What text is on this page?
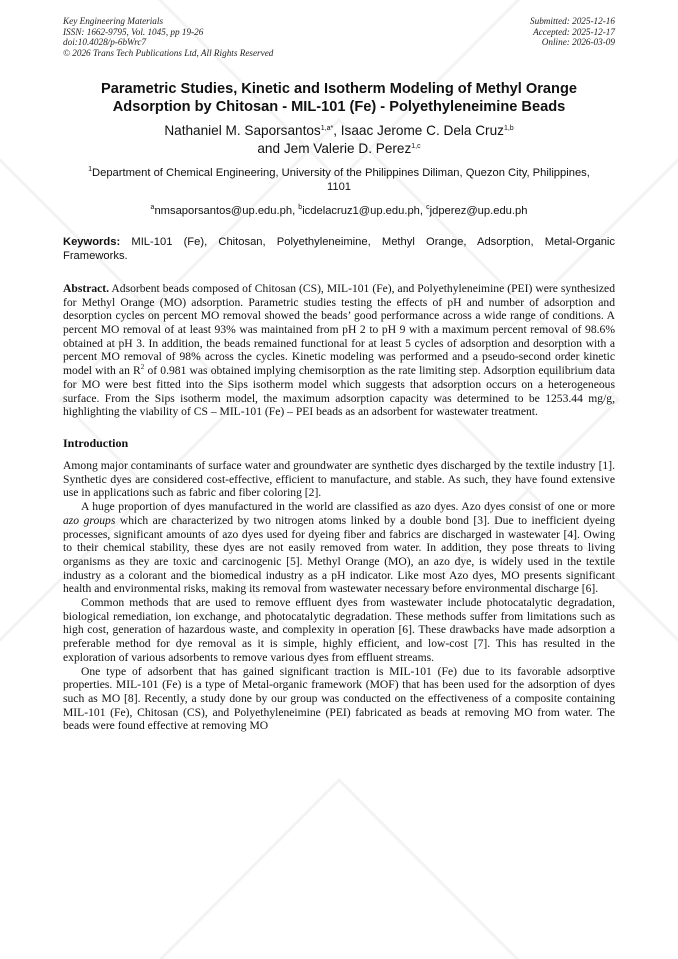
Key Engineering Materials
ISSN: 1662-9795, Vol. 1045, pp 19-26
doi:10.4028/p-6bWrc7
© 2026 Trans Tech Publications Ltd, All Rights Reserved
Submitted: 2025-12-16
Accepted: 2025-12-17
Online: 2026-03-09
Parametric Studies, Kinetic and Isotherm Modeling of Methyl Orange Adsorption by Chitosan - MIL-101 (Fe) - Polyethyleneimine Beads
Nathaniel M. Saporsantos$^{1,a*}$, Isaac Jerome C. Dela Cruz$^{1,b}$
and Jem Valerie D. Perez$^{1,c}$
$^1$Department of Chemical Engineering, University of the Philippines Diliman, Quezon City, Philippines, 1101
$^a$nmsaporsantos@up.edu.ph, $^b$icdelacruz1@up.edu.ph, $^c$jdperez@up.edu.ph
Keywords: MIL-101 (Fe), Chitosan, Polyethyleneimine, Methyl Orange, Adsorption, Metal-Organic Frameworks.
Abstract. Adsorbent beads composed of Chitosan (CS), MIL-101 (Fe), and Polyethyleneimine (PEI) were synthesized for Methyl Orange (MO) adsorption. Parametric studies testing the effects of pH and number of adsorption and desorption cycles on percent MO removal showed the beads’ good performance across a wide range of conditions. A percent MO removal of at least 93% was maintained from pH 2 to pH 9 with a maximum percent removal of 98.6% obtained at pH 3. In addition, the beads remained functional for at least 5 cycles of adsorption and desorption with a percent MO removal of 98% across the cycles. Kinetic modeling was performed and a pseudo-second order kinetic model with an $R^2$ of 0.981 was obtained implying chemisorption as the rate limiting step. Adsorption equilibrium data for MO were best fitted into the Sips isotherm model which suggests that adsorption occurs on a heterogeneous surface. From the Sips isotherm model, the maximum adsorption capacity was determined to be 1253.44 mg/g, highlighting the viability of CS – MIL-101 (Fe) – PEI beads as an adsorbent for wastewater treatment.
Introduction

Among major contaminants of surface water and groundwater are synthetic dyes discharged by the textile industry [1]. Synthetic dyes are considered cost-effective, efficient to manufacture, and stable. As such, they have found extensive use in applications such as fabric and fiber coloring [2].

A huge proportion of dyes manufactured in the world are classified as azo dyes. Azo dyes consist of one or more azo groups which are characterized by two nitrogen atoms linked by a double bond [3]. Due to inefficient dyeing processes, significant amounts of azo dyes used for dyeing fiber and fabrics are discharged in wastewater [4]. Owing to their chemical stability, these dyes are not easily removed from water. In addition, they pose threats to living organisms as they are toxic and carcinogenic [5]. Methyl Orange (MO), an azo dye, is widely used in the textile industry as a colorant and the biomedical industry as a pH indicator. Like most Azo dyes, MO presents significant health and environmental risks, making its removal from wastewater necessary before environmental discharge [6].

Common methods that are used to remove effluent dyes from wastewater include photocatalytic degradation, biological remediation, ion exchange, and photocatalytic degradation. These methods suffer from limitations such as high cost, generation of hazardous waste, and complexity in operation [6]. These drawbacks have made adsorption a preferable method for dye removal as it is simple, highly efficient, and low-cost [7]. This has resulted in the exploration of various adsorbents to remove various dyes from effluent streams.

One type of adsorbent that has gained significant traction is MIL-101 (Fe) due to its favorable adsorptive properties. MIL-101 (Fe) is a type of Metal-organic framework (MOF) that has been used for the adsorption of dyes such as MO [8]. Recently, a study done by our group was conducted on the effectiveness of a composite containing MIL-101 (Fe), Chitosan (CS), and Polyethyleneimine (PEI) fabricated as beads at removing MO from water. The beads were found effective at removing MO
